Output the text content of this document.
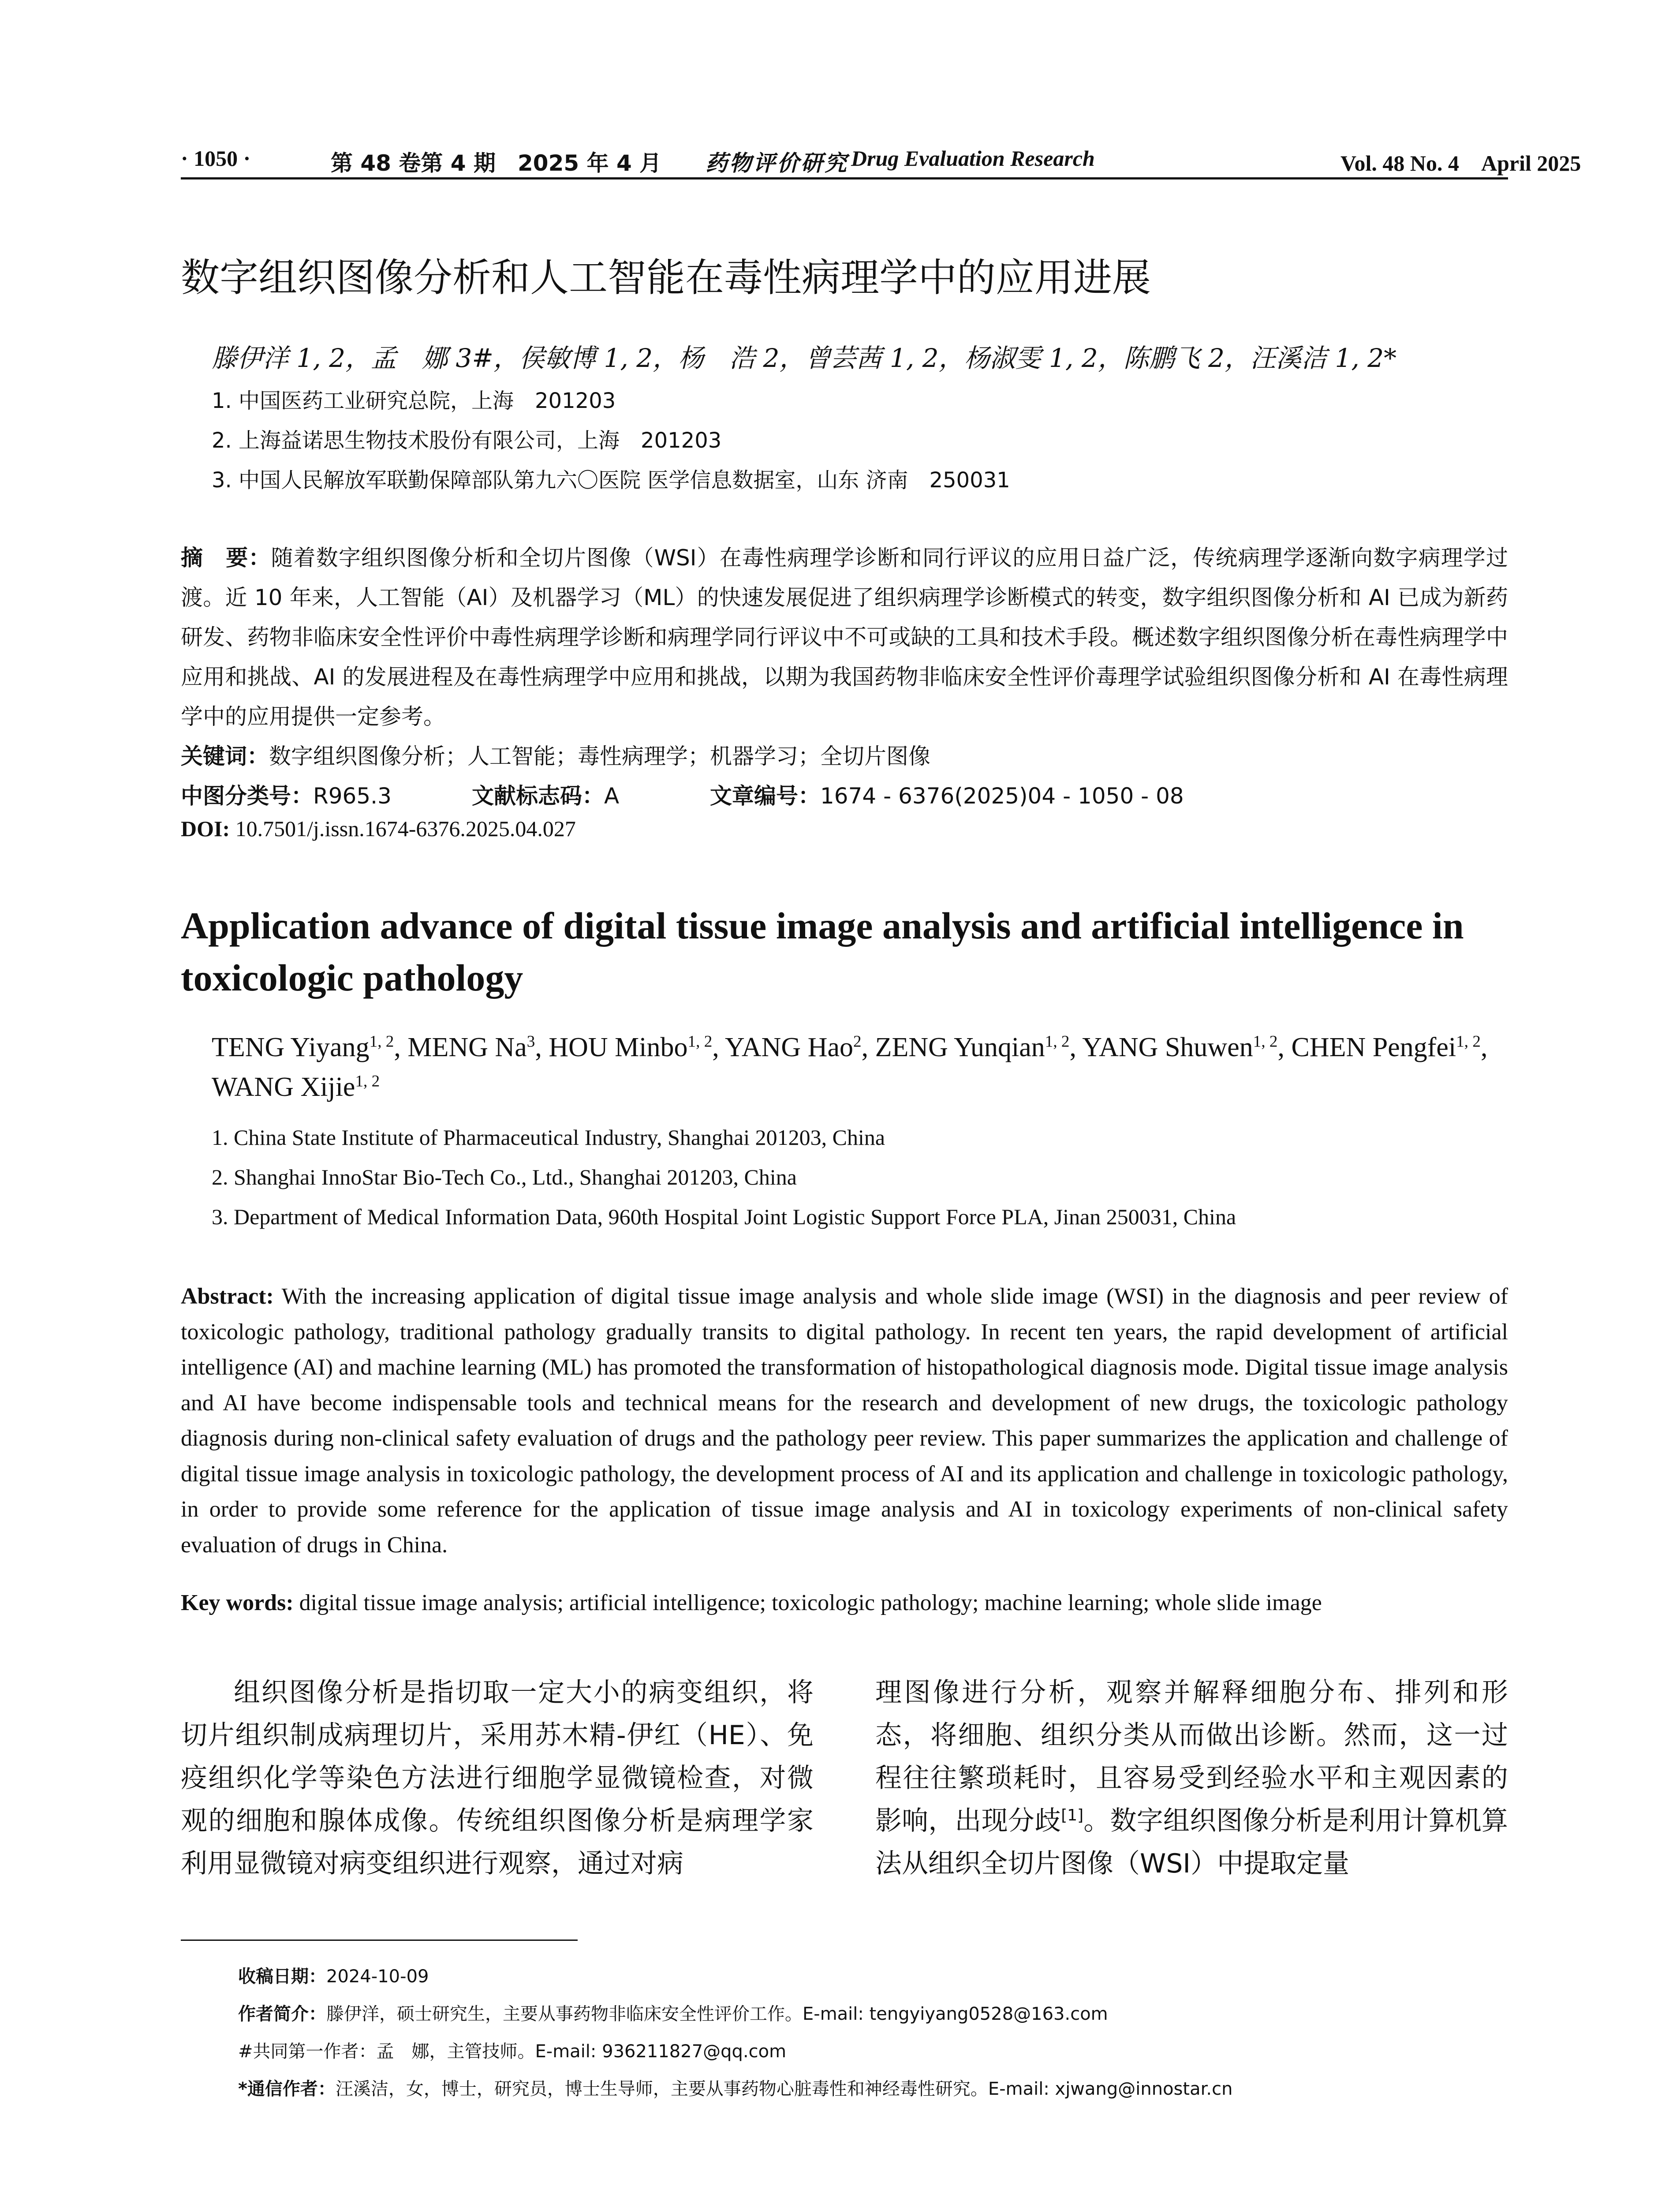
· 1050 ·	第 48 卷第 4 期　2025 年 4 月 药物评价研究 Drug Evaluation Research	Vol. 48 No. 4　April 2025
数字组织图像分析和人工智能在毒性病理学中的应用进展
滕伊洋 1, 2，孟　娜 3#，侯敏博 1, 2，杨　浩 2，曾芸茜 1, 2，杨淑雯 1, 2，陈鹏飞 2，汪溪洁 1, 2*
1. 中国医药工业研究总院，上海　201203
2. 上海益诺思生物技术股份有限公司，上海　201203
3. 中国人民解放军联勤保障部队第九六〇医院 医学信息数据室，山东 济南　250031
摘　要：随着数字组织图像分析和全切片图像（WSI）在毒性病理学诊断和同行评议的应用日益广泛，传统病理学逐渐向数字病理学过渡。近 10 年来，人工智能（AI）及机器学习（ML）的快速发展促进了组织病理学诊断模式的转变，数字组织图像分析和 AI 已成为新药研发、药物非临床安全性评价中毒性病理学诊断和病理学同行评议中不可或缺的工具和技术手段。概述数字组织图像分析在毒性病理学中应用和挑战、AI 的发展进程及在毒性病理学中应用和挑战，以期为我国药物非临床安全性评价毒理学试验组织图像分析和 AI 在毒性病理学中的应用提供一定参考。
关键词：数字组织图像分析；人工智能；毒性病理学；机器学习；全切片图像
中图分类号：R965.3	文献标志码：A	文章编号：1674 - 6376(2025)04 - 1050 - 08
DOI: 10.7501/j.issn.1674-6376.2025.04.027
Application advance of digital tissue image analysis and artificial intelligence in toxicologic pathology
TENG Yiyang$^{1, 2}$, MENG Na$^3$, HOU Minbo$^{1, 2}$, YANG Hao$^2$, ZENG Yunqian$^{1, 2}$, YANG Shuwen$^{1, 2}$, CHEN Pengfei$^{1, 2}$, WANG Xijie$^{1, 2}$
1. China State Institute of Pharmaceutical Industry, Shanghai 201203, China
2. Shanghai InnoStar Bio-Tech Co., Ltd., Shanghai 201203, China
3. Department of Medical Information Data, 960th Hospital Joint Logistic Support Force PLA, Jinan 250031, China
Abstract: With the increasing application of digital tissue image analysis and whole slide image (WSI) in the diagnosis and peer review of toxicologic pathology, traditional pathology gradually transits to digital pathology. In recent ten years, the rapid development of artificial intelligence (AI) and machine learning (ML) has promoted the transformation of histopathological diagnosis mode. Digital tissue image analysis and AI have become indispensable tools and technical means for the research and development of new drugs, the toxicologic pathology diagnosis during non-clinical safety evaluation of drugs and the pathology peer review. This paper summarizes the application and challenge of digital tissue image analysis in toxicologic pathology, the development process of AI and its application and challenge in toxicologic pathology, in order to provide some reference for the application of tissue image analysis and AI in toxicology experiments of non-clinical safety evaluation of drugs in China.
Key words: digital tissue image analysis; artificial intelligence; toxicologic pathology; machine learning; whole slide image
组织图像分析是指切取一定大小的病变组织，将切片组织制成病理切片，采用苏木精-伊红（HE）、免疫组织化学等染色方法进行细胞学显微镜检查，对微观的细胞和腺体成像。传统组织图像分析是病理学家利用显微镜对病变组织进行观察，通过对病
理图像进行分析，观察并解释细胞分布、排列和形态，将细胞、组织分类从而做出诊断。然而，这一过程往往繁琐耗时，且容易受到经验水平和主观因素的影响，出现分歧[1]。数字组织图像分析是利用计算机算法从组织全切片图像（WSI）中提取定量
收稿日期：2024-10-09
作者简介：滕伊洋，硕士研究生，主要从事药物非临床安全性评价工作。E-mail: tengyiyang0528@163.com
#共同第一作者：孟　娜，主管技师。E-mail: 936211827@qq.com
*通信作者：汪溪洁，女，博士，研究员，博士生导师，主要从事药物心脏毒性和神经毒性研究。E-mail: xjwang@innostar.cn
